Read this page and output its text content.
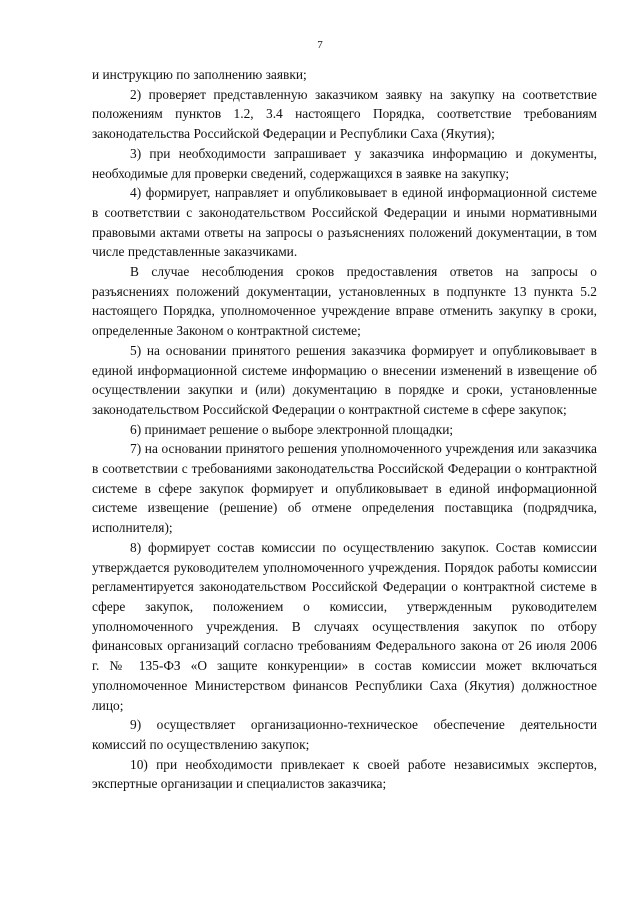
7

и инструкцию по заполнению заявки;

2) проверяет представленную заказчиком заявку на закупку на соответствие положениям пунктов 1.2, 3.4 настоящего Порядка, соответствие требованиям законодательства Российской Федерации и Республики Саха (Якутия);

3) при необходимости запрашивает у заказчика информацию и документы, необходимые для проверки сведений, содержащихся в заявке на закупку;

4) формирует, направляет и опубликовывает в единой информационной системе в соответствии с законодательством Российской Федерации и иными нормативными правовыми актами ответы на запросы о разъяснениях положений документации, в том числе представленные заказчиками.

В случае несоблюдения сроков предоставления ответов на запросы о разъяснениях положений документации, установленных в подпункте 13 пункта 5.2 настоящего Порядка, уполномоченное учреждение вправе отменить закупку в сроки, определенные Законом о контрактной системе;

5) на основании принятого решения заказчика формирует и опубликовывает в единой информационной системе информацию о внесении изменений в извещение об осуществлении закупки и (или) документацию в порядке и сроки, установленные законодательством Российской Федерации о контрактной системе в сфере закупок;

6) принимает решение о выборе электронной площадки;

7) на основании принятого решения уполномоченного учреждения или заказчика в соответствии с требованиями законодательства Российской Федерации о контрактной системе в сфере закупок формирует и опубликовывает в единой информационной системе извещение (решение) об отмене определения поставщика (подрядчика, исполнителя);

8) формирует состав комиссии по осуществлению закупок. Состав комиссии утверждается руководителем уполномоченного учреждения. Порядок работы комиссии регламентируется законодательством Российской Федерации о контрактной системе в сфере закупок, положением о комиссии, утвержденным руководителем уполномоченного учреждения. В случаях осуществления закупок по отбору финансовых организаций согласно требованиям Федерального закона от 26 июля 2006 г. № 135-ФЗ «О защите конкуренции» в состав комиссии может включаться уполномоченное Министерством финансов Республики Саха (Якутия) должностное лицо;

9) осуществляет организационно-техническое обеспечение деятельности комиссий по осуществлению закупок;

10) при необходимости привлекает к своей работе независимых экспертов, экспертные организации и специалистов заказчика;
